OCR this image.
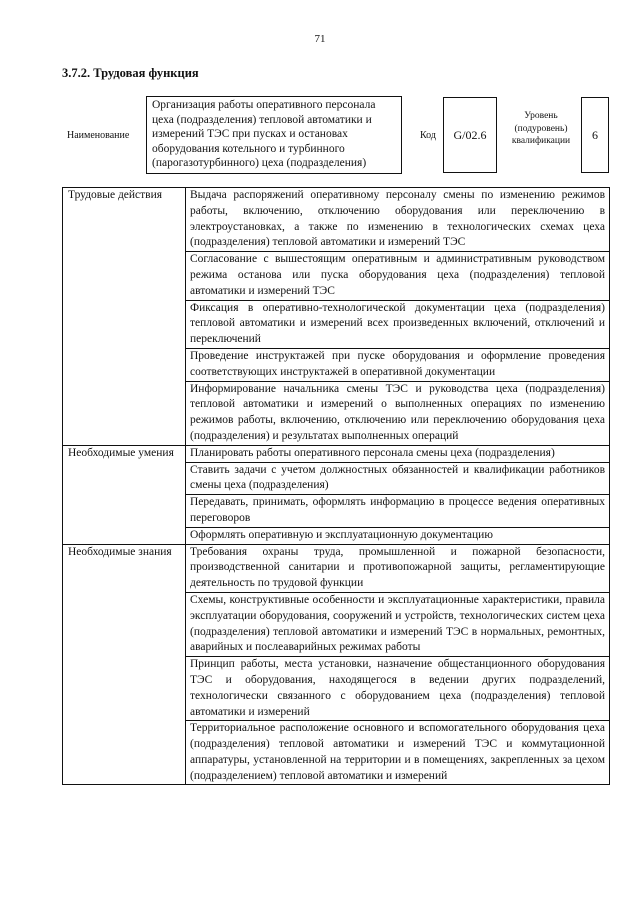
71
3.7.2. Трудовая функция
Наименование
Организация работы оперативного персонала цеха (подразделения) тепловой автоматики и измерений ТЭС при пусках и остановах оборудования котельного и турбинного (парогазотурбинного) цеха (подразделения)
Код	G/02.6
Уровень (подуровень) квалификации	6
Трудовые действия	Выдача распоряжений оперативному персоналу смены по изменению режимов работы, включению, отключению оборудования или переключению в электроустановках, а также по изменению в технологических схемах цеха (подразделения) тепловой автоматики и измерений ТЭС
	Согласование с вышестоящим оперативным и административным руководством режима останова или пуска оборудования цеха (подразделения) тепловой автоматики и измерений ТЭС
	Фиксация в оперативно-технологической документации цеха (подразделения) тепловой автоматики и измерений всех произведенных включений, отключений и переключений
	Проведение инструктажей при пуске оборудования и оформление проведения соответствующих инструктажей в оперативной документации
	Информирование начальника смены ТЭС и руководства цеха (подразделения) тепловой автоматики и измерений о выполненных операциях по изменению режимов работы, включению, отключению или переключению оборудования цеха (подразделения) и результатах выполненных операций
Необходимые умения	Планировать работы оперативного персонала смены цеха (подразделения)
	Ставить задачи с учетом должностных обязанностей и квалификации работников смены цеха (подразделения)
	Передавать, принимать, оформлять информацию в процессе ведения оперативных переговоров
	Оформлять оперативную и эксплуатационную документацию
Необходимые знания	Требования охраны труда, промышленной и пожарной безопасности, производственной санитарии и противопожарной защиты, регламентирующие деятельность по трудовой функции
	Схемы, конструктивные особенности и эксплуатационные характеристики, правила эксплуатации оборудования, сооружений и устройств, технологических систем цеха (подразделения) тепловой автоматики и измерений ТЭС в нормальных, ремонтных, аварийных и послеаварийных режимах работы
	Принцип работы, места установки, назначение общестанционного оборудования ТЭС и оборудования, находящегося в ведении других подразделений, технологически связанного с оборудованием цеха (подразделения) тепловой автоматики и измерений
	Территориальное расположение основного и вспомогательного оборудования цеха (подразделения) тепловой автоматики и измерений ТЭС и коммутационной аппаратуры, установленной на территории и в помещениях, закрепленных за цехом (подразделением) тепловой автоматики и измерений
